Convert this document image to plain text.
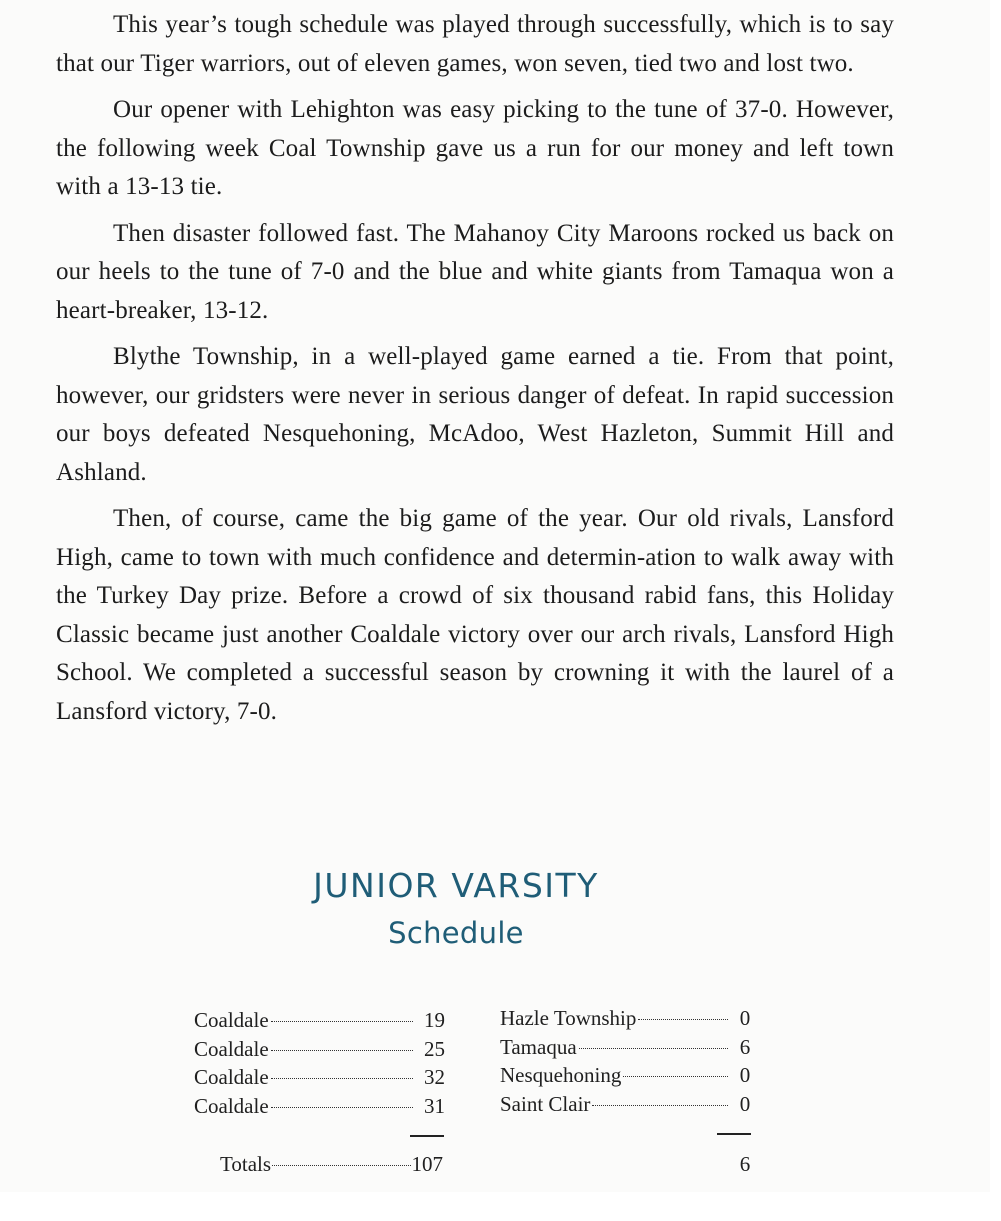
This year’s tough schedule was played through successfully, which is to say that our Tiger warriors, out of eleven games, won seven, tied two and lost two.

Our opener with Lehighton was easy picking to the tune of 37-0. However, the following week Coal Township gave us a run for our money and left town with a 13-13 tie.

Then disaster followed fast. The Mahanoy City Maroons rocked us back on our heels to the tune of 7-0 and the blue and white giants from Tamaqua won a heart-breaker, 13-12.

Blythe Township, in a well-played game earned a tie. From that point, however, our gridsters were never in serious danger of defeat. In rapid succession our boys defeated Nesquehoning, McAdoo, West Hazleton, Summit Hill and Ashland.

Then, of course, came the big game of the year. Our old rivals, Lansford High, came to town with much confidence and determin-ation to walk away with the Turkey Day prize. Before a crowd of six thousand rabid fans, this Holiday Classic became just another Coaldale victory over our arch rivals, Lansford High School. We completed a successful season by crowning it with the laurel of a Lansford victory, 7-0.

JUNIOR VARSITY
Schedule
Coaldale	19
Coaldale	25
Coaldale	32
Coaldale	31
Hazle Township	0
Tamaqua	6
Nesquehoning	0
Saint Clair	0
Totals	107	6
